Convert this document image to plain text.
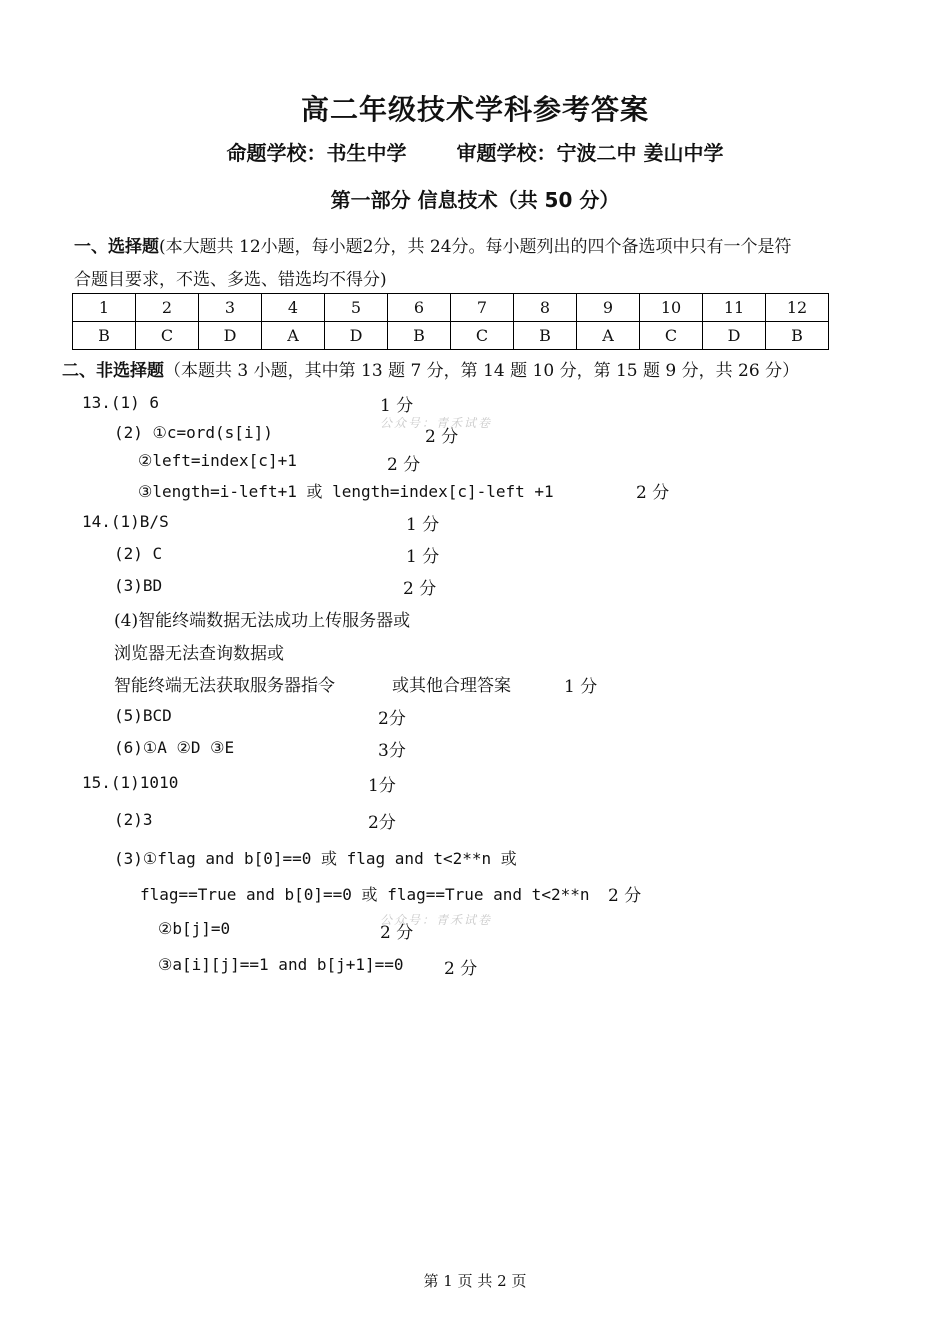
高二年级技术学科参考答案
命题学校：书生中学	审题学校：宁波二中 姜山中学
第一部分 信息技术（共 50 分）
一、选择题(本大题共 12小题，每小题2分，共 24分。每小题列出的四个备选项中只有一个是符
合题目要求，不选、多选、错选均不得分)
1	2	3	4	5	6	7	8	9	10	11	12
B	C	D	A	D	B	C	B	A	C	D	B
二、非选择题（本题共 3 小题，其中第 13 题 7 分，第 14 题 10 分，第 15 题 9 分，共 26 分）
13.(1) 6	1 分
(2) ①c=ord(s[i])	公众号：青禾试卷
2 分
②left=index[c]+1	2 分
③length=i-left+1 或 length=index[c]-left +1	2 分
14.(1)B/S	1 分
(2) C	1 分
(3)BD	2 分
(4)智能终端数据无法成功上传服务器或
浏览器无法查询数据或
智能终端无法获取服务器指令	或其他合理答案	1 分
(5)BCD	2分
(6)①A ②D ③E	3分
15.(1)1010	1分
(2)3	2分
(3)①flag and b[0]==0 或 flag and t<2**n 或
flag==True and b[0]==0 或 flag==True and t<2**n 2 分
②b[j]=0	公众号：青禾试卷
2 分
③a[i][j]==1 and b[j+1]==0 2 分
第 1 页 共 2 页
